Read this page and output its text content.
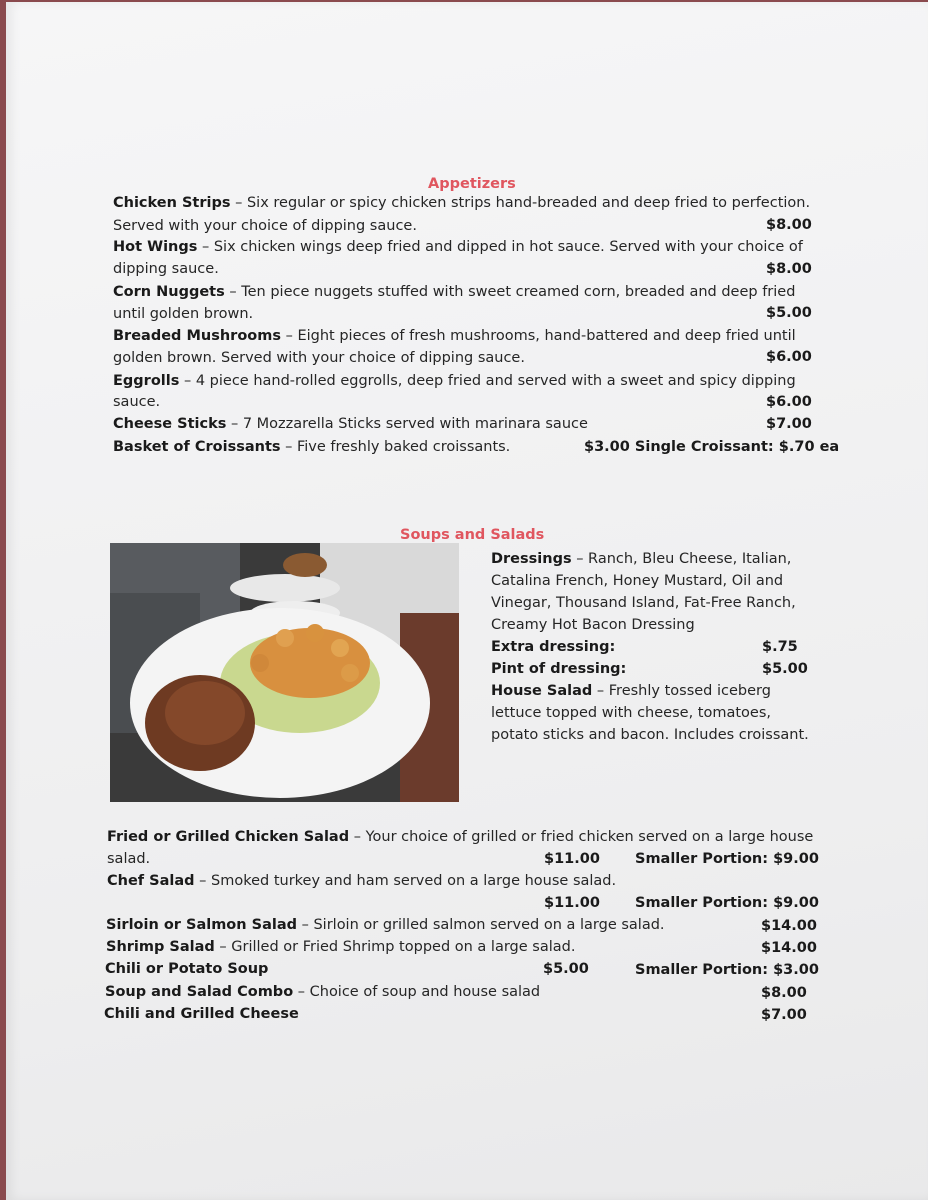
Appetizers
Chicken Strips – Six regular or spicy chicken strips hand-breaded and deep fried to perfection.
Served with your choice of dipping sauce.	$8.00
Hot Wings – Six chicken wings deep fried and dipped in hot sauce. Served with your choice of
dipping sauce.	$8.00
Corn Nuggets – Ten piece nuggets stuffed with sweet creamed corn, breaded and deep fried
until golden brown.	$5.00
Breaded Mushrooms – Eight pieces of fresh mushrooms, hand-battered and deep fried until
golden brown. Served with your choice of dipping sauce.	$6.00
Eggrolls – 4 piece hand-rolled eggrolls, deep fried and served with a sweet and spicy dipping
sauce.	$6.00
Cheese Sticks – 7 Mozzarella Sticks served with marinara sauce	$7.00
Basket of Croissants – Five freshly baked croissants.	$3.00 Single Croissant: $.70 ea
Soups and Salads
Dressings – Ranch, Bleu Cheese, Italian,
Catalina French, Honey Mustard, Oil and
Vinegar, Thousand Island, Fat-Free Ranch,
Creamy Hot Bacon Dressing
Extra dressing:	$.75
Pint of dressing:	$5.00
House Salad – Freshly tossed iceberg
lettuce topped with cheese, tomatoes,
potato sticks and bacon. Includes croissant.
Fried or Grilled Chicken Salad – Your choice of grilled or fried chicken served on a large house
salad.	$11.00 Smaller Portion: $9.00
Chef Salad – Smoked turkey and ham served on a large house salad.
$11.00 Smaller Portion: $9.00
Sirloin or Salmon Salad – Sirloin or grilled salmon served on a large salad.	$14.00
Shrimp Salad – Grilled or Fried Shrimp topped on a large salad.	$14.00
Chili or Potato Soup	$5.00	Smaller Portion: $3.00
Soup and Salad Combo – Choice of soup and house salad	$8.00
Chili and Grilled Cheese	$7.00
